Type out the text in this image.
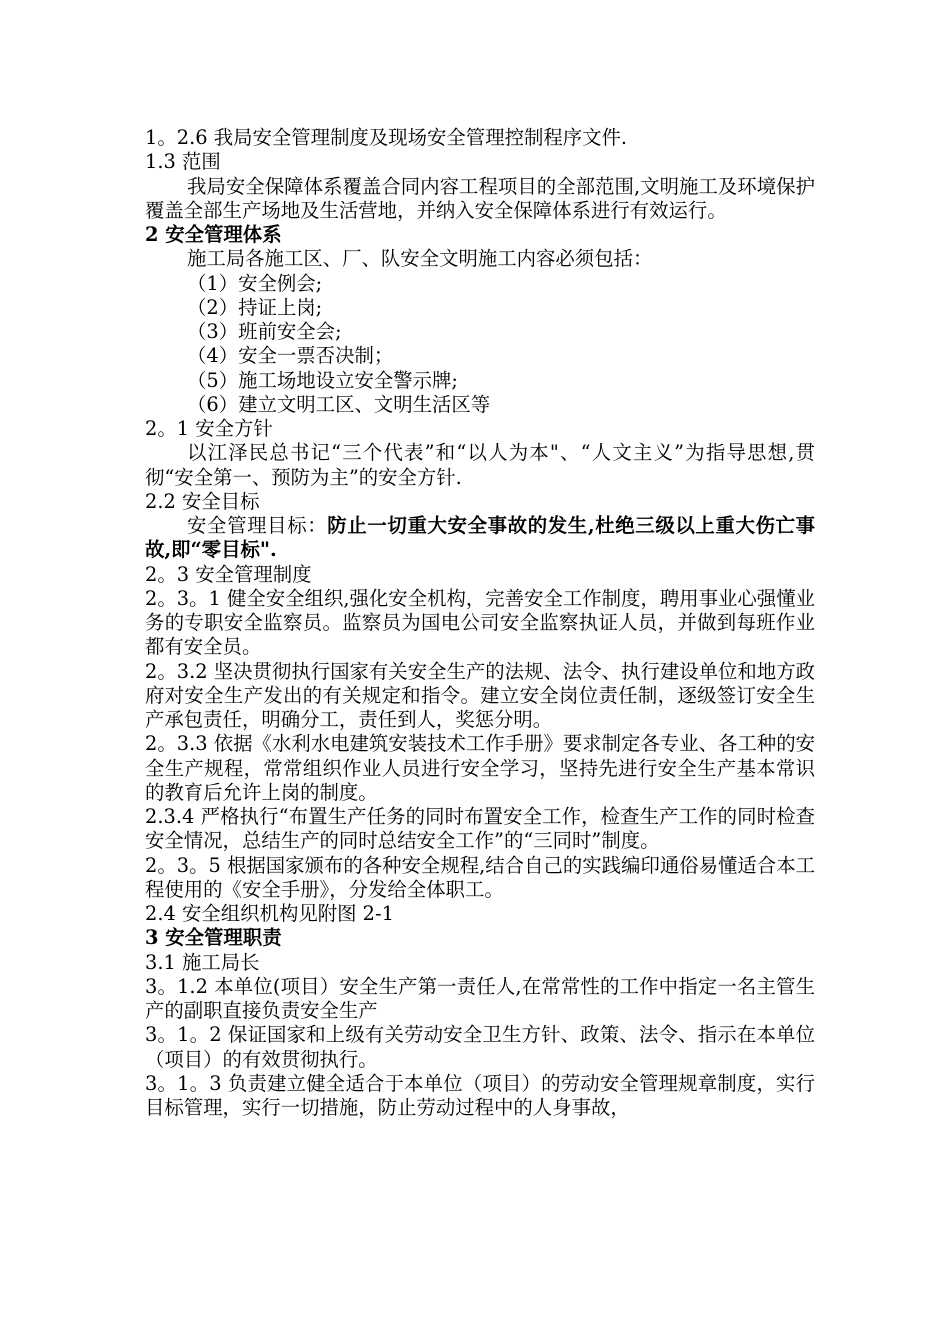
1。2.6 我局安全管理制度及现场安全管理控制程序文件.

1.3 范围

我局安全保障体系覆盖合同内容工程项目的全部范围,文明施工及环境保护覆盖全部生产场地及生活营地，并纳入安全保障体系进行有效运行。

2 安全管理体系

施工局各施工区、厂、队安全文明施工内容必须包括：

（1）安全例会;

（2）持证上岗;

（3）班前安全会;

（4）安全一票否决制；

（5）施工场地设立安全警示牌;

（6）建立文明工区、文明生活区等

2。1 安全方针

以江泽民总书记“三个代表”和“以人为本"、“人文主义”为指导思想,贯彻“安全第一、预防为主”的安全方针.

2.2 安全目标

安全管理目标：防止一切重大安全事故的发生,杜绝三级以上重大伤亡事故,即“零目标".

2。3 安全管理制度

2。3。1 健全安全组织,强化安全机构，完善安全工作制度，聘用事业心强懂业务的专职安全监察员。监察员为国电公司安全监察执证人员，并做到每班作业都有安全员。

2。3.2 坚决贯彻执行国家有关安全生产的法规、法令、执行建设单位和地方政府对安全生产发出的有关规定和指令。建立安全岗位责任制，逐级签订安全生产承包责任，明确分工，责任到人，奖惩分明。

2。3.3 依据《水利水电建筑安装技术工作手册》要求制定各专业、各工种的安全生产规程，常常组织作业人员进行安全学习，坚持先进行安全生产基本常识的教育后允许上岗的制度。

2.3.4 严格执行“布置生产任务的同时布置安全工作，检查生产工作的同时检查安全情况，总结生产的同时总结安全工作”的“三同时”制度。

2。3。5 根据国家颁布的各种安全规程,结合自己的实践编印通俗易懂适合本工程使用的《安全手册》，分发给全体职工。

2.4 安全组织机构见附图 2-1

3 安全管理职责

3.1 施工局长

3。1.2 本单位(项目）安全生产第一责任人,在常常性的工作中指定一名主管生产的副职直接负责安全生产

3。1。2 保证国家和上级有关劳动安全卫生方针、政策、法令、指示在本单位（项目）的有效贯彻执行。

3。1。3 负责建立健全适合于本单位（项目）的劳动安全管理规章制度，实行目标管理，实行一切措施，防止劳动过程中的人身事故，
